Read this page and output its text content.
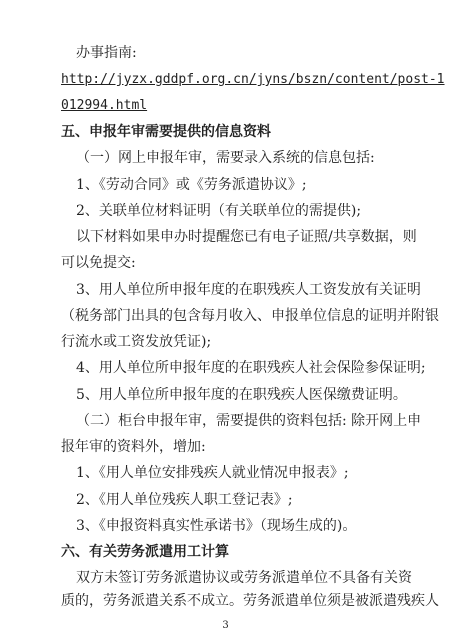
办事指南:
http://jyzx.gddpf.org.cn/jyns/bszn/content/post-1
012994.html
五、申报年审需要提供的信息资料
（一）网上申报年审，需要录入系统的信息包括:
1、《劳动合同》或《劳务派遣协议》;
2、关联单位材料证明（有关联单位的需提供);
以下材料如果申办时提醒您已有电子证照/共享数据，则
可以免提交:
3、用人单位所申报年度的在职残疾人工资发放有关证明
（税务部门出具的包含每月收入、申报单位信息的证明并附银
行流水或工资发放凭证);
4、用人单位所申报年度的在职残疾人社会保险参保证明;
5、用人单位所申报年度的在职残疾人医保缴费证明。
（二）柜台申报年审，需要提供的资料包括: 除开网上申
报年审的资料外，增加:
1、《用人单位安排残疾人就业情况申报表》;
2、《用人单位残疾人职工登记表》;
3、《申报资料真实性承诺书》（现场生成的)。
六、有关劳务派遣用工计算
双方未签订劳务派遣协议或劳务派遣单位不具备有关资
质的，劳务派遣关系不成立。劳务派遣单位须是被派遣残疾人
3
